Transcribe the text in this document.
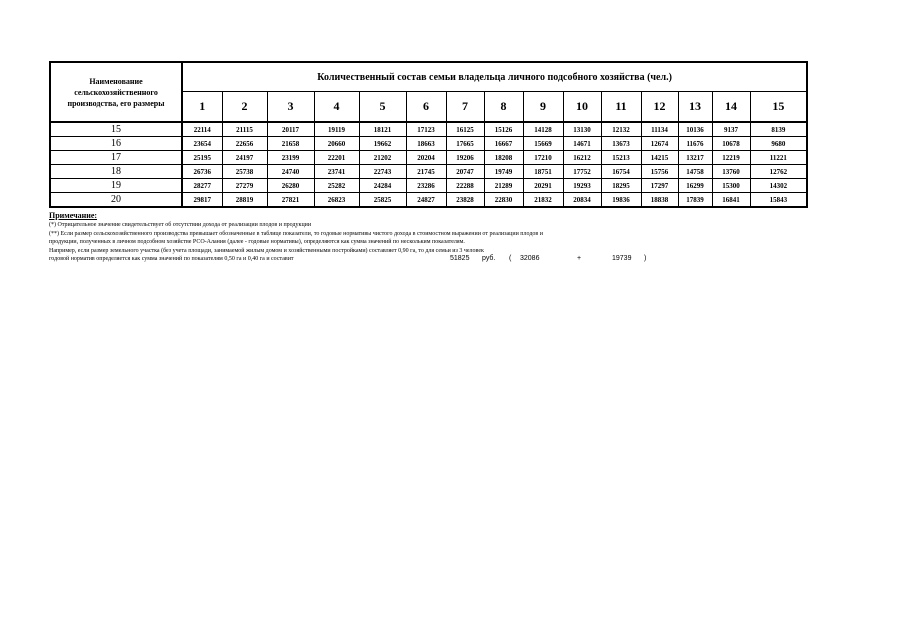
Наименование сельскохозяйственного производства, его размеры	Количественный состав семьи владельца личного подсобного хозяйства (чел.)														
	1	2	3	4	5	6	7	8	9	10	11	12	13	14	15
15	22114	21115	20117	19119	18121	17123	16125	15126	14128	13130	12132	11134	10136	9137	8139
16	23654	22656	21658	20660	19662	18663	17665	16667	15669	14671	13673	12674	11676	10678	9680
17	25195	24197	23199	22201	21202	20204	19206	18208	17210	16212	15213	14215	13217	12219	11221
18	26736	25738	24740	23741	22743	21745	20747	19749	18751	17752	16754	15756	14758	13760	12762
19	28277	27279	26280	25282	24284	23286	22288	21289	20291	19293	18295	17297	16299	15300	14302
20	29817	28819	27821	26823	25825	24827	23828	22830	21832	20834	19836	18838	17839	16841	15843
Примечание:
(*) Отрицательное значение свидетельствует об отсутствии дохода от реализации плодов и продукции
(**) Если размер сельскохозяйственного производства превышает обозначенные в таблице показатели, то годовые нормативы чистого дохода в стоимостном выражении от реализации плодов и
продукции, полученных в личном подсобном хозяйстве РСО-Алания (далее - годовые нормативы), определяются как сумма значений по нескольким показателям.
Например, если размер земельного участка (без учета площади, занимаемой жилым домом и хозяйственными постройками) составляет 0,90 га, то для семьи из 3 человек
годовой норматив определяется как сумма значений по показателям 0,50 га и 0,40 га и составит	51825 руб. ( 32086	+	19739 )
